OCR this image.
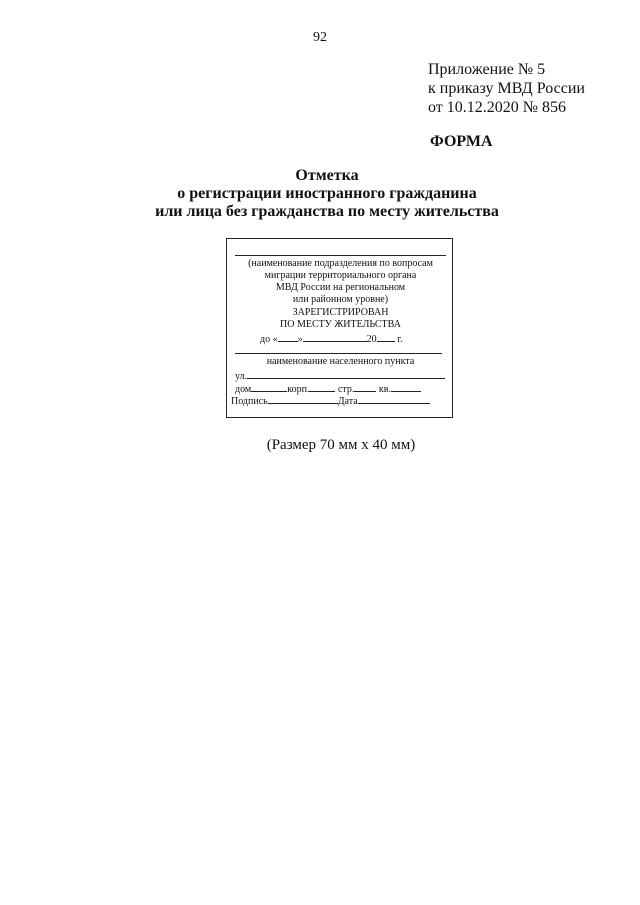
92
Приложение № 5
к приказу МВД России
от 10.12.2020 № 856
ФОРМА
Отметка
о регистрации иностранного гражданина
или лица без гражданства по месту жительства
(наименование подразделения по вопросам
миграции территориального органа
МВД России на региональном
или районном уровне)
ЗАРЕГИСТРИРОВАН
ПО МЕСТУ ЖИТЕЛЬСТВА
до « »	20 г.
наименование населенного пункта
ул.
дом	корп.	стр. кв.
Подпись	Дата
(Размер 70 мм х 40 мм)
